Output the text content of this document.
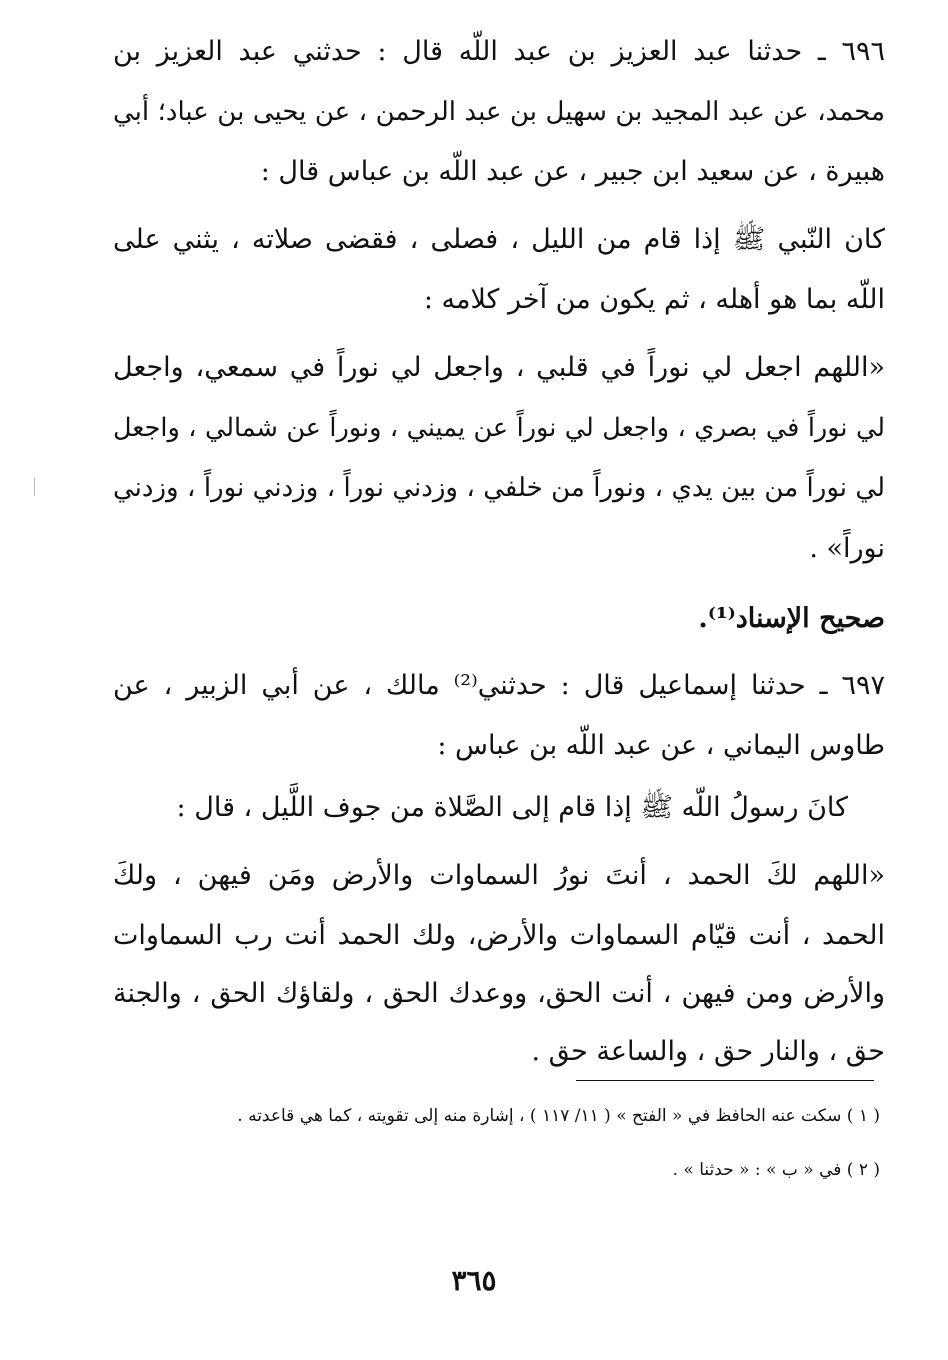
٦٩٦ ـ حدثنا عبد العزيز بن عبد اللّه قال : حدثني عبد العزيز بن
محمد، عن عبد المجيد بن سهيل بن عبد الرحمن ، عن يحيى بن عباد؛ أبي
هبيرة ، عن سعيد ابن جبير ، عن عبد اللّه بن عباس قال :
كان النّبي ﷺ إذا قام من الليل ، فصلى ، فقضى صلاته ، يثني على
اللّه بما هو أهله ، ثم يكون من آخر كلامه :
«اللهم اجعل لي نوراً في قلبي ، واجعل لي نوراً في سمعي، واجعل
لي نوراً في بصري ، واجعل لي نوراً عن يميني ، ونوراً عن شمالي ، واجعل
لي نوراً من بين يدي ، ونوراً من خلفي ، وزدني نوراً ، وزدني نوراً ، وزدني
نوراً» .
صحيح الإسناد⁽¹⁾.
٦٩٧ ـ حدثنا إسماعيل قال : حدثني⁽²⁾ مالك ، عن أبي الزبير ، عن
طاوس اليماني ، عن عبد اللّه بن عباس :
كانَ رسولُ اللّه ﷺ إذا قام إلى الصَّلاة من جوف اللَّيل ، قال :
«اللهم لكَ الحمد ، أنتَ نورُ السماوات والأرض ومَن فيهن ، ولكَ
الحمد ، أنت قيّام السماوات والأرض، ولك الحمد أنت رب السماوات
والأرض ومن فيهن ، أنت الحق، ووعدك الحق ، ولقاؤك الحق ، والجنة
حق ، والنار حق ، والساعة حق .
( ١ ) سكت عنه الحافظ في « الفتح » ( ١١/ ١١٧ ) ، إشارة منه إلى تقويته ، كما هي قاعدته .
( ٢ ) في « ب » : « حدثنا » .
٣٦٥
